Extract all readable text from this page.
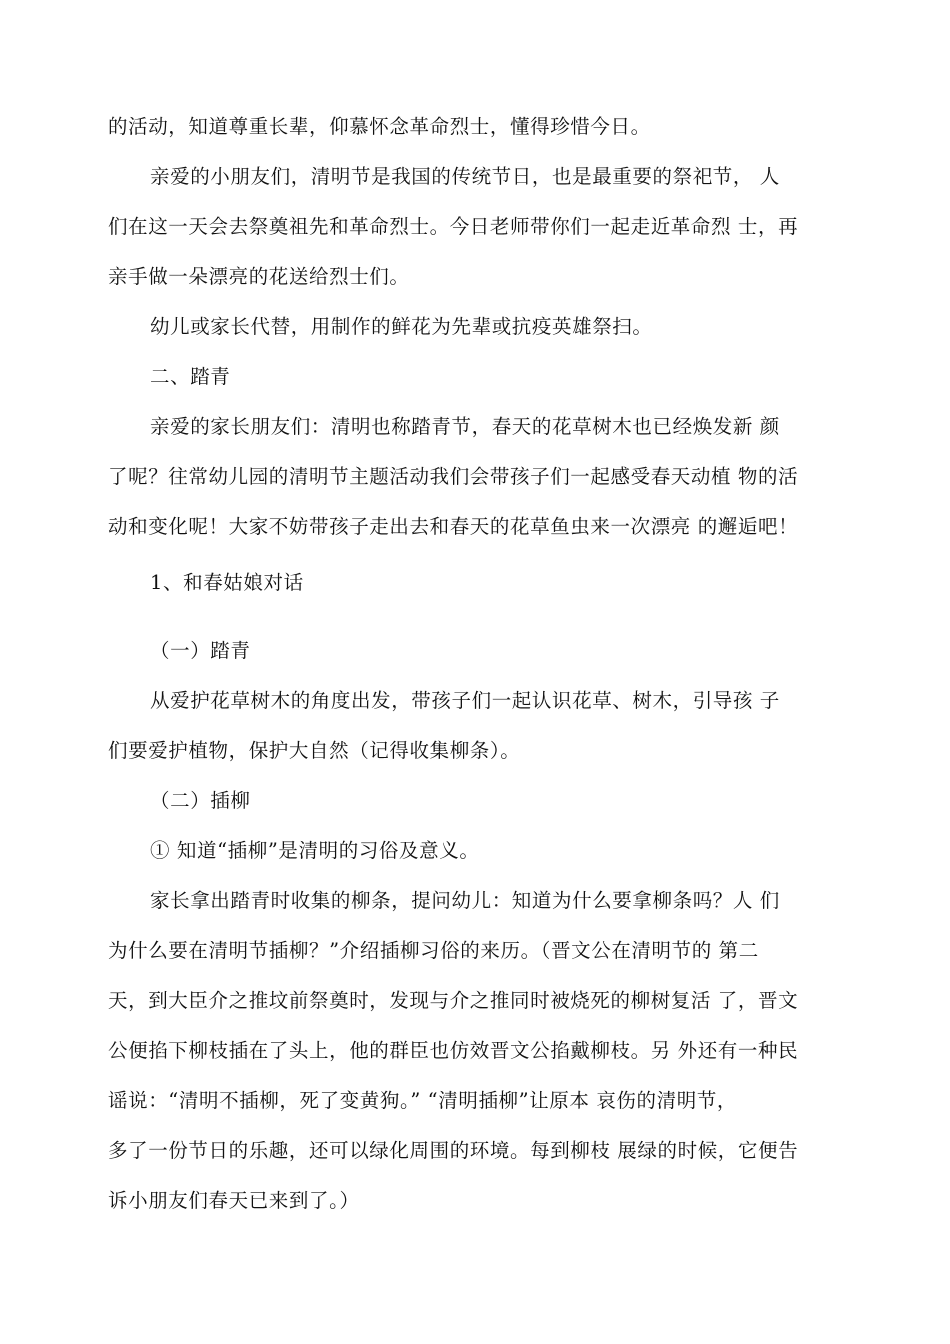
的活动，知道尊重长辈，仰慕怀念革命烈士，懂得珍惜今日。
亲爱的小朋友们，清明节是我国的传统节日，也是最重要的祭祀节， 人
们在这一天会去祭奠祖先和革命烈士。今日老师带你们一起走近革命烈 士，再
亲手做一朵漂亮的花送给烈士们。
幼儿或家长代替，用制作的鲜花为先辈或抗疫英雄祭扫。
二、踏青
亲爱的家长朋友们：清明也称踏青节，春天的花草树木也已经焕发新 颜
了呢？往常幼儿园的清明节主题活动我们会带孩子们一起感受春天动植 物的活
动和变化呢！大家不妨带孩子走出去和春天的花草鱼虫来一次漂亮 的邂逅吧！
1、和春姑娘对话
（一）踏青
从爱护花草树木的角度出发，带孩子们一起认识花草、树木，引导孩 子
们要爱护植物，保护大自然（记得收集柳条）。
（二）插柳
① 知道“插柳”是清明的习俗及意义。
家长拿出踏青时收集的柳条，提问幼儿：知道为什么要拿柳条吗？人 们
为什么要在清明节插柳？”介绍插柳习俗的来历。（晋文公在清明节的 第二
天，到大臣介之推坟前祭奠时，发现与介之推同时被烧死的柳树复活 了，晋文
公便掐下柳枝插在了头上，他的群臣也仿效晋文公掐戴柳枝。另 外还有一种民
谣说：“清明不插柳，死了变黄狗。” “清明插柳”让原本 哀伤的清明节，
多了一份节日的乐趣，还可以绿化周围的环境。每到柳枝 展绿的时候，它便告
诉小朋友们春天已来到了。）
